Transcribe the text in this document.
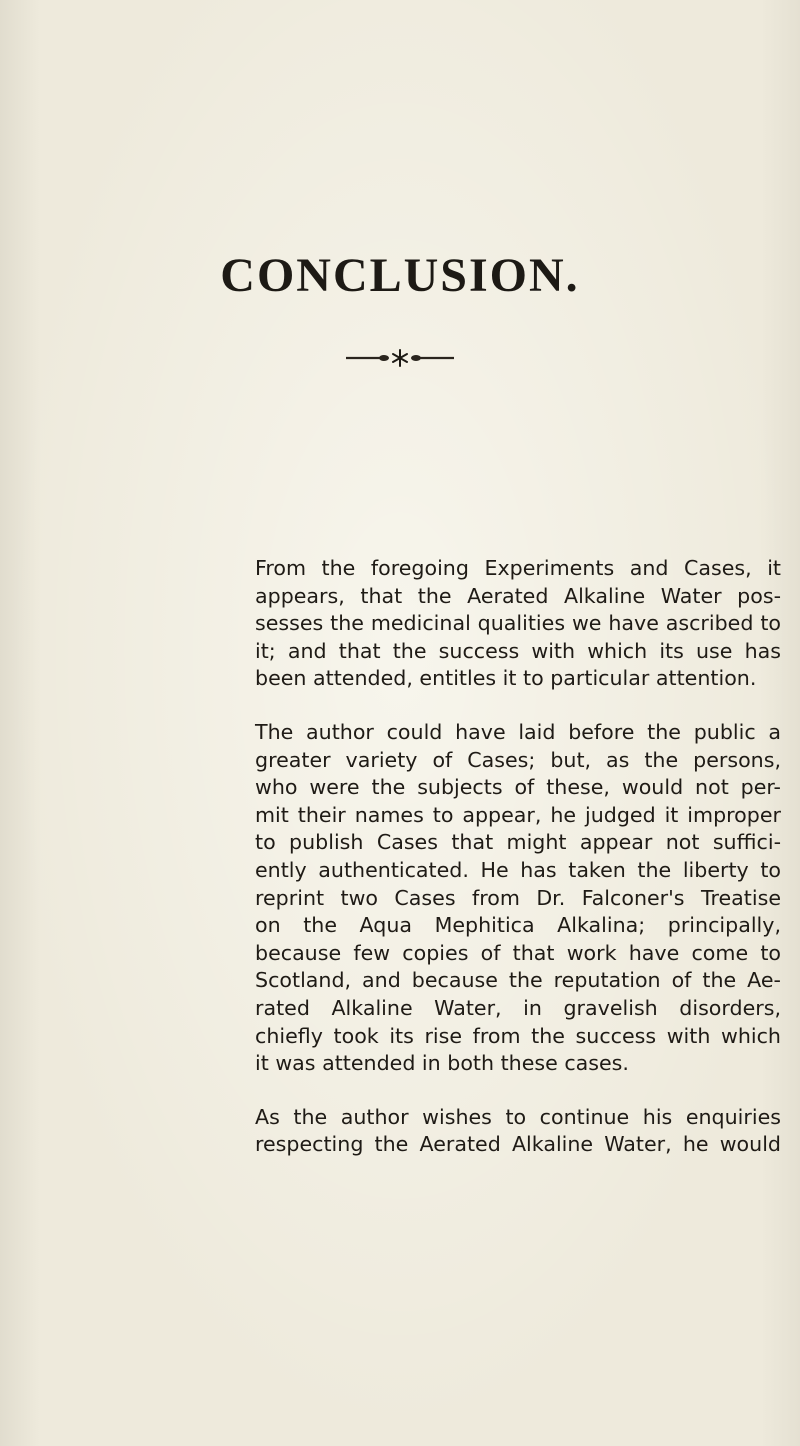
CONCLUSION.
From the foregoing Experiments and Cases, it
appears, that the Aerated Alkaline Water pos-
sesses the medicinal qualities we have ascribed to
it; and that the success with which its use has
been attended, entitles it to particular attention.
The author could have laid before the public a
greater variety of Cases; but, as the persons,
who were the subjects of these, would not per-
mit their names to appear, he judged it improper
to publish Cases that might appear not suffici-
ently authenticated. He has taken the liberty to
reprint two Cases from Dr. Falconer's Treatise
on the Aqua Mephitica Alkalina; principally,
because few copies of that work have come to
Scotland, and because the reputation of the Ae-
rated Alkaline Water, in gravelish disorders,
chiefly took its rise from the success with which
it was attended in both these cases.
As the author wishes to continue his enquiries
respecting the Aerated Alkaline Water, he would
